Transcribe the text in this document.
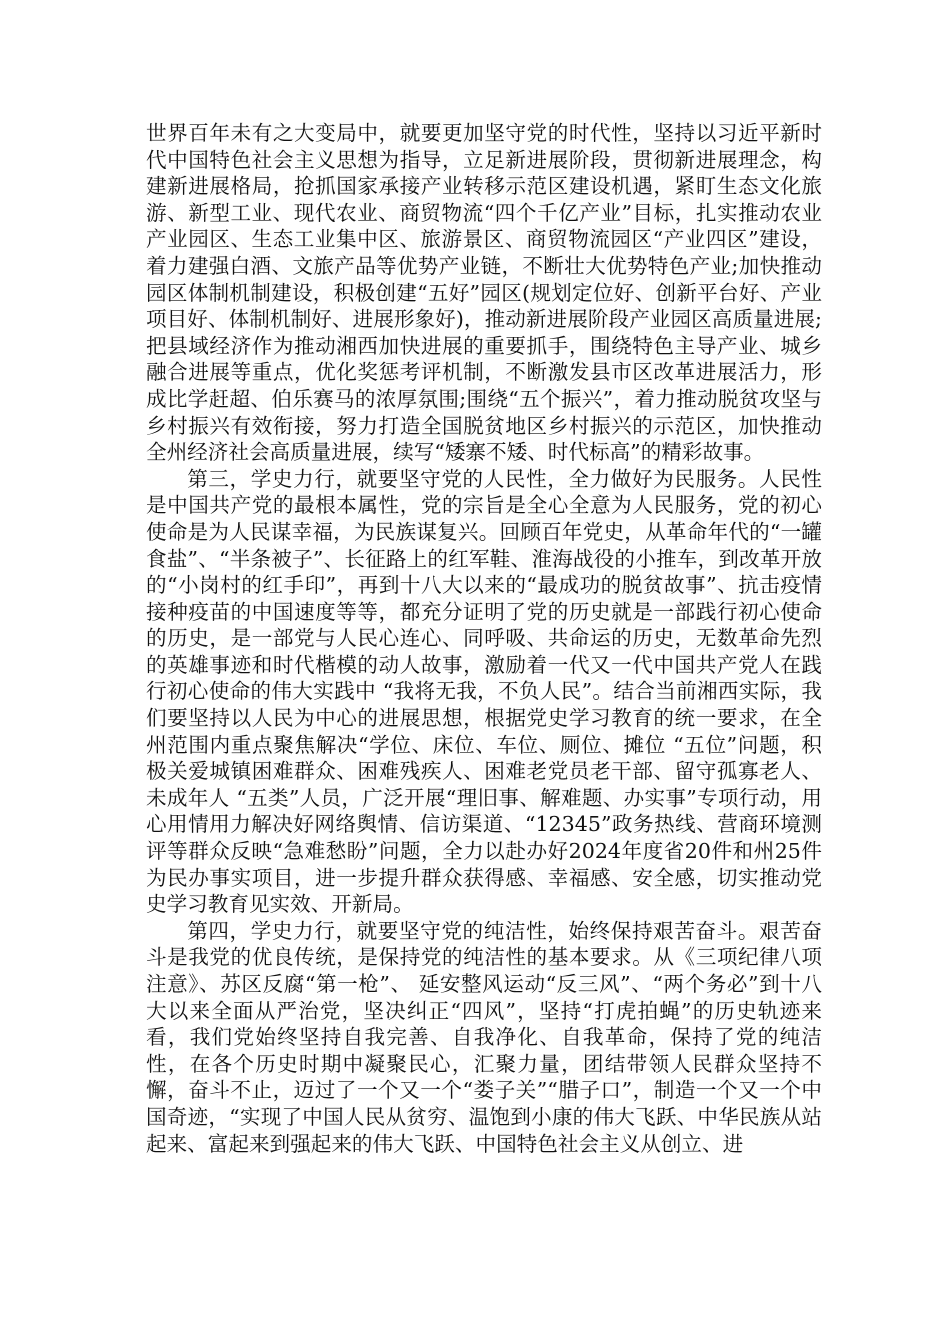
世界百年未有之大变局中，就要更加坚守党的时代性，坚持以习近平新时代中国特色社会主义思想为指导，立足新进展阶段，贯彻新进展理念，构建新进展格局，抢抓国家承接产业转移示范区建设机遇，紧盯生态文化旅游、新型工业、现代农业、商贸物流“四个千亿产业”目标，扎实推动农业产业园区、生态工业集中区、旅游景区、商贸物流园区“产业四区”建设，着力建强白酒、文旅产品等优势产业链，不断壮大优势特色产业;加快推动园区体制机制建设，积极创建“五好”园区(规划定位好、创新平台好、产业项目好、体制机制好、进展形象好)，推动新进展阶段产业园区高质量进展;把县域经济作为推动湘西加快进展的重要抓手，围绕特色主导产业、城乡融合进展等重点，优化奖惩考评机制，不断激发县市区改革进展活力，形成比学赶超、伯乐赛马的浓厚氛围;围绕“五个振兴”，着力推动脱贫攻坚与乡村振兴有效衔接，努力打造全国脱贫地区乡村振兴的示范区，加快推动全州经济社会高质量进展，续写“矮寨不矮、时代标高”的精彩故事。

第三，学史力行，就要坚守党的人民性，全力做好为民服务。人民性是中国共产党的最根本属性，党的宗旨是全心全意为人民服务，党的初心使命是为人民谋幸福，为民族谋复兴。回顾百年党史，从革命年代的“一罐食盐”、“半条被子”、长征路上的红军鞋、淮海战役的小推车，到改革开放的“小岗村的红手印”，再到十八大以来的“最成功的脱贫故事”、抗击疫情接种疫苗的中国速度等等，都充分证明了党的历史就是一部践行初心使命的历史，是一部党与人民心连心、同呼吸、共命运的历史，无数革命先烈的英雄事迹和时代楷模的动人故事，激励着一代又一代中国共产党人在践行初心使命的伟大实践中 “我将无我，不负人民”。结合当前湘西实际，我们要坚持以人民为中心的进展思想，根据党史学习教育的统一要求，在全州范围内重点聚焦解决“学位、床位、车位、厕位、摊位 “五位”问题，积极关爱城镇困难群众、困难残疾人、困难老党员老干部、留守孤寡老人、未成年人 “五类”人员，广泛开展“理旧事、解难题、办实事”专项行动，用心用情用力解决好网络舆情、信访渠道、“12345”政务热线、营商环境测评等群众反映“急难愁盼”问题，全力以赴办好2024年度省20件和州25件为民办事实项目，进一步提升群众获得感、幸福感、安全感，切实推动党史学习教育见实效、开新局。

第四，学史力行，就要坚守党的纯洁性，始终保持艰苦奋斗。艰苦奋斗是我党的优良传统，是保持党的纯洁性的基本要求。从《三项纪律八项注意》、苏区反腐“第一枪”、 延安整风运动“反三风”、“两个务必”到十八大以来全面从严治党，坚决纠正“四风”，坚持“打虎拍蝇”的历史轨迹来看，我们党始终坚持自我完善、自我净化、自我革命，保持了党的纯洁性，在各个历史时期中凝聚民心，汇聚力量，团结带领人民群众坚持不懈，奋斗不止，迈过了一个又一个“娄子关”“腊子口”，制造一个又一个中国奇迹，“实现了中国人民从贫穷、温饱到小康的伟大飞跃、中华民族从站起来、富起来到强起来的伟大飞跃、中国特色社会主义从创立、进
